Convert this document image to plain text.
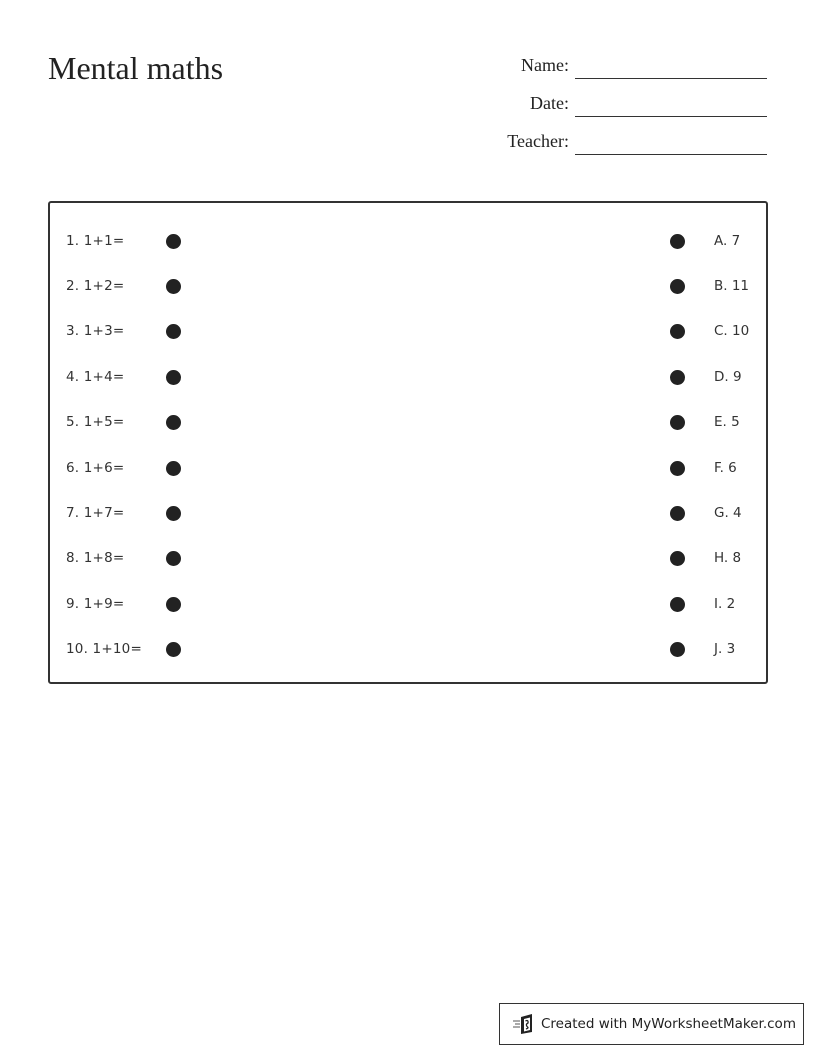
Mental maths	Name:
Date:
Teacher:
1. 1+1=	A. 7
2. 1+2=	B. 11
3. 1+3=	C. 10
4. 1+4=	D. 9
5. 1+5=	E. 5
6. 1+6=	F. 6
7. 1+7=	G. 4
8. 1+8=	H. 8
9. 1+9=	I. 2
10. 1+10=	J. 3
Created with MyWorksheetMaker.com
